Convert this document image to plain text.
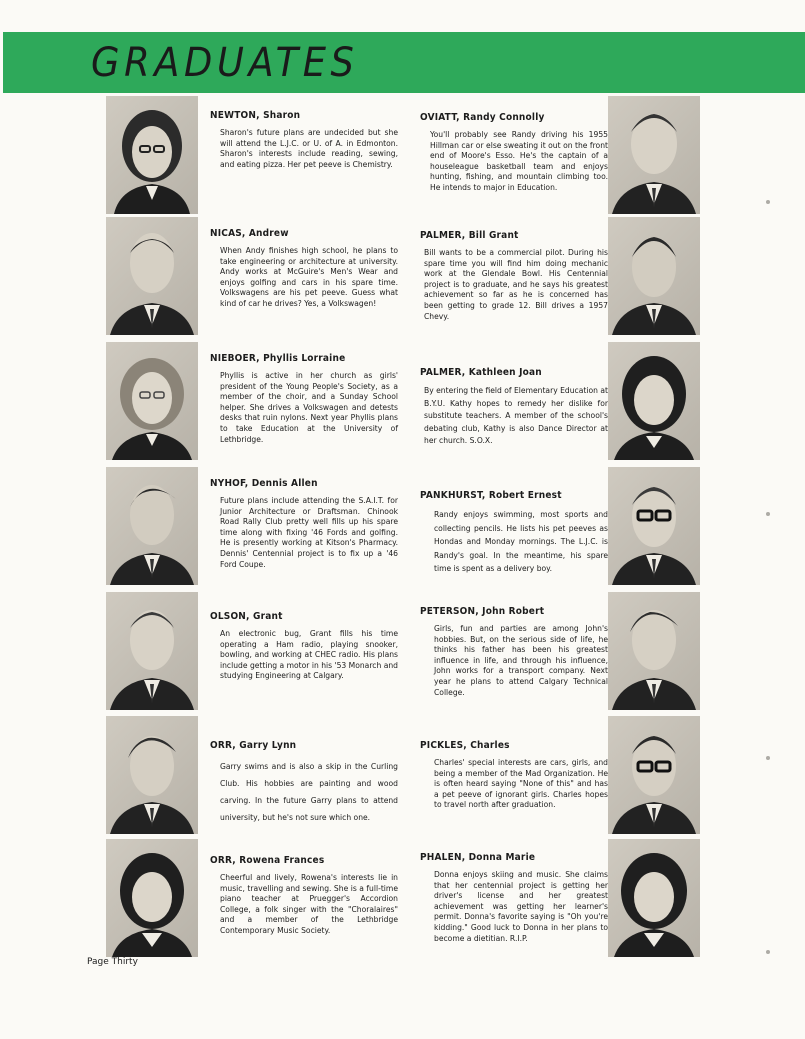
GRADUATES

NEWTON, Sharon

Sharon's future plans are undecided but she will attend the L.J.C. or U. of A. in Edmonton. Sharon's interests include reading, sewing, and eating pizza. Her pet peeve is Chemistry.

NICAS, Andrew

When Andy finishes high school, he plans to take engineering or architecture at university. Andy works at McGuire's Men's Wear and enjoys golfing and cars in his spare time. Volkswagens are his pet peeve. Guess what kind of car he drives? Yes, a Volkswagen!

NIEBOER, Phyllis Lorraine

Phyllis is active in her church as girls' president of the Young People's Society, as a member of the choir, and a Sunday School helper. She drives a Volkswagen and detests desks that ruin nylons. Next year Phyllis plans to take Education at the University of Lethbridge.

NYHOF, Dennis Allen

Future plans include attending the S.A.I.T. for Junior Architecture or Draftsman. Chinook Road Rally Club pretty well fills up his spare time along with fixing '46 Fords and golfing. He is presently working at Kitson's Pharmacy. Dennis' Centennial project is to fix up a '46 Ford Coupe.

OLSON, Grant

An electronic bug, Grant fills his time operating a Ham radio, playing snooker, bowling, and working at CHEC radio. His plans include getting a motor in his '53 Monarch and studying Engineering at Calgary.

ORR, Garry Lynn

Garry swims and is also a skip in the Curling Club. His hobbies are painting and wood carving. In the future Garry plans to attend university, but he's not sure which one.

ORR, Rowena Frances

Cheerful and lively, Rowena's interests lie in music, travelling and sewing. She is a full-time piano teacher at Pruegger's Accordion College, a folk singer with the "Choralaires" and a member of the Lethbridge Contemporary Music Society.

OVIATT, Randy Connolly

You'll probably see Randy driving his 1955 Hillman car or else sweating it out on the front end of Moore's Esso. He's the captain of a houseleague basketball team and enjoys hunting, fishing, and mountain climbing too. He intends to major in Education.

PALMER, Bill Grant

Bill wants to be a commercial pilot. During his spare time you will find him doing mechanic work at the Glendale Bowl. His Centennial project is to graduate, and he says his greatest achievement so far as he is concerned has been getting to grade 12. Bill drives a 1957 Chevy.

PALMER, Kathleen Joan

By entering the field of Elementary Education at B.Y.U. Kathy hopes to remedy her dislike for substitute teachers. A member of the school's debating club, Kathy is also Dance Director at her church. S.O.X.

PANKHURST, Robert Ernest

Randy enjoys swimming, most sports and collecting pencils. He lists his pet peeves as Hondas and Monday mornings. The L.J.C. is Randy's goal. In the meantime, his spare time is spent as a delivery boy.

PETERSON, John Robert

Girls, fun and parties are among John's hobbies. But, on the serious side of life, he thinks his father has been his greatest influence in life, and through his influence, John works for a transport company. Next year he plans to attend Calgary Technical College.

PICKLES, Charles

Charles' special interests are cars, girls, and being a member of the Mad Organization. He is often heard saying "None of this" and has a pet peeve of ignorant girls. Charles hopes to travel north after graduation.

PHALEN, Donna Marie

Donna enjoys skiing and music. She claims that her centennial project is getting her driver's license and her greatest achievement was getting her learner's permit. Donna's favorite saying is "Oh you're kidding." Good luck to Donna in her plans to become a dietitian. R.I.P.

Page Thirty
